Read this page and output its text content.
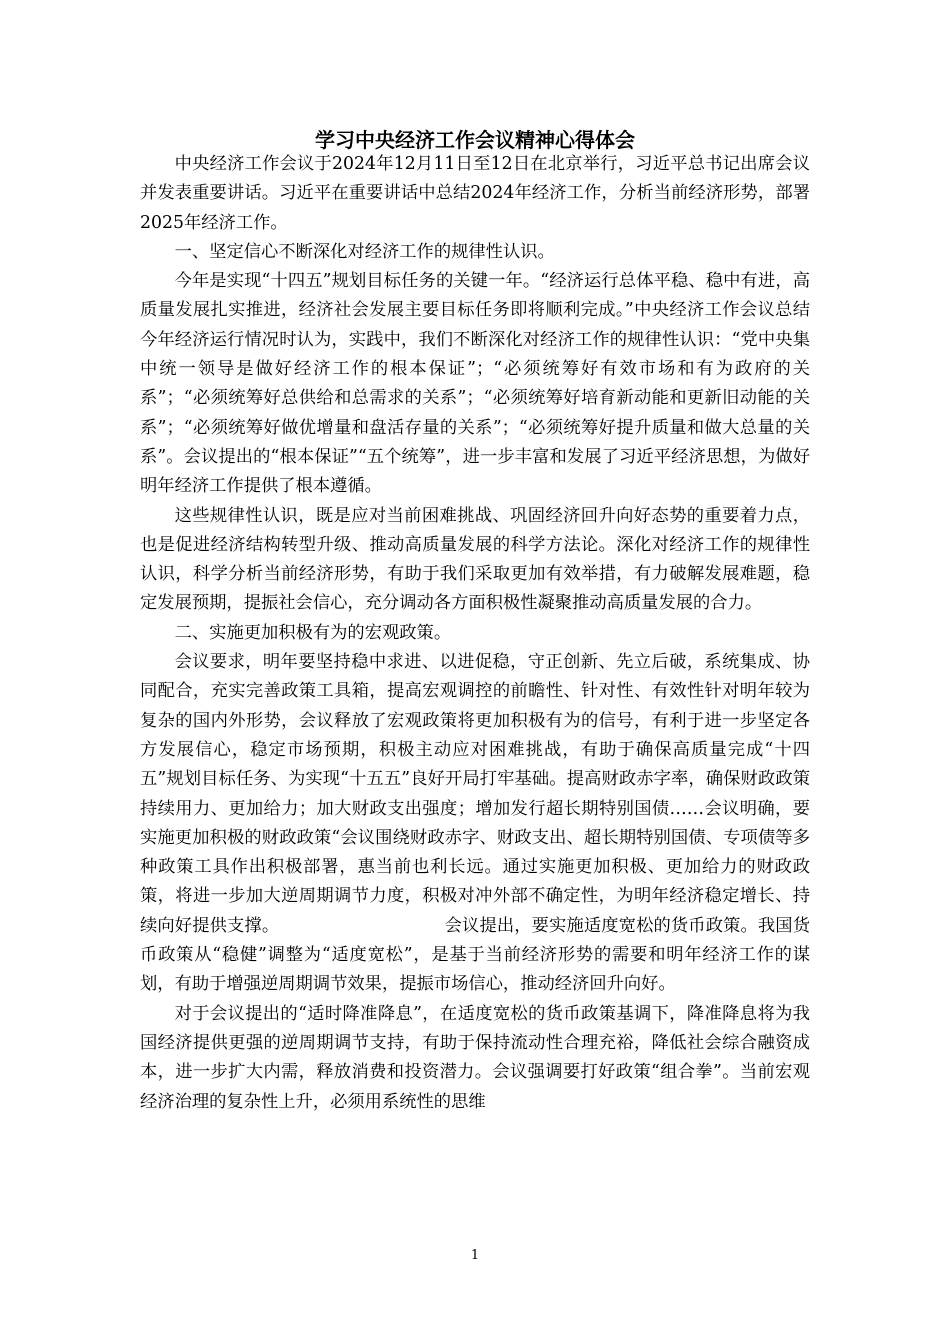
学习中央经济工作会议精神心得体会

中央经济工作会议于2024年12月11日至12日在北京举行，习近平总书记出席会议并发表重要讲话。习近平在重要讲话中总结2024年经济工作，分析当前经济形势，部署2025年经济工作。

一、坚定信心不断深化对经济工作的规律性认识。

今年是实现“十四五”规划目标任务的关键一年。“经济运行总体平稳、稳中有进，高质量发展扎实推进，经济社会发展主要目标任务即将顺利完成。”中央经济工作会议总结今年经济运行情况时认为，实践中，我们不断深化对经济工作的规律性认识：“党中央集中统一领导是做好经济工作的根本保证”；“必须统筹好有效市场和有为政府的关系”；“必须统筹好总供给和总需求的关系”；“必须统筹好培育新动能和更新旧动能的关系”；“必须统筹好做优增量和盘活存量的关系”；“必须统筹好提升质量和做大总量的关系”。会议提出的“根本保证”“五个统筹”，进一步丰富和发展了习近平经济思想，为做好明年经济工作提供了根本遵循。

这些规律性认识，既是应对当前困难挑战、巩固经济回升向好态势的重要着力点，也是促进经济结构转型升级、推动高质量发展的科学方法论。深化对经济工作的规律性认识，科学分析当前经济形势，有助于我们采取更加有效举措，有力破解发展难题，稳定发展预期，提振社会信心，充分调动各方面积极性凝聚推动高质量发展的合力。

二、实施更加积极有为的宏观政策。

会议要求，明年要坚持稳中求进、以进促稳，守正创新、先立后破，系统集成、协同配合，充实完善政策工具箱，提高宏观调控的前瞻性、针对性、有效性针对明年较为复杂的国内外形势，会议释放了宏观政策将更加积极有为的信号，有利于进一步坚定各方发展信心，稳定市场预期，积极主动应对困难挑战，有助于确保高质量完成“十四五”规划目标任务、为实现“十五五”良好开局打牢基础。提高财政赤字率，确保财政政策持续用力、更加给力；加大财政支出强度；增加发行超长期特别国债……会议明确，要实施更加积极的财政政策“会议围绕财政赤字、财政支出、超长期特别国债、专项债等多种政策工具作出积极部署，惠当前也利长远。通过实施更加积极、更加给力的财政政策，将进一步加大逆周期调节力度，积极对冲外部不确定性，为明年经济稳定增长、持续向好提供支撑。　　　　　　　　　　会议提出，要实施适度宽松的货币政策。我国货币政策从“稳健”调整为“适度宽松”，是基于当前经济形势的需要和明年经济工作的谋划，有助于增强逆周期调节效果，提振市场信心，推动经济回升向好。

对于会议提出的“适时降准降息”，在适度宽松的货币政策基调下，降准降息将为我国经济提供更强的逆周期调节支持，有助于保持流动性合理充裕，降低社会综合融资成本，进一步扩大内需，释放消费和投资潜力。会议强调要打好政策“组合拳”。当前宏观经济治理的复杂性上升，必须用系统性的思维

1
